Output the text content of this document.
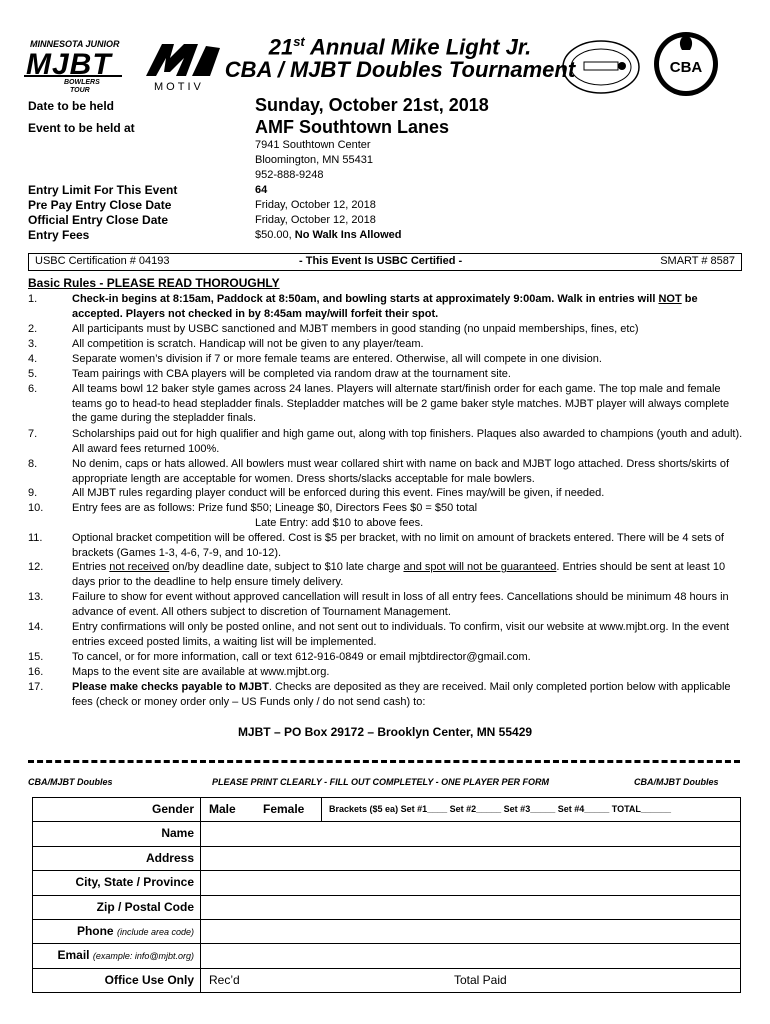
MINNESOTA JUNIOR
MJBT
BOWLERS
TOUR	MOTIV
21st Annual Mike Light Jr.
CBA / MJBT Doubles Tournament	CBA
Date to be held	Sunday, October 21st, 2018
Event to be held at	AMF Southtown Lanes
7941 Southtown Center
Bloomington, MN 55431
952-888-9248
Entry Limit For This Event	64
Pre Pay Entry Close Date	Friday, October 12, 2018
Official Entry Close Date	Friday, October 12, 2018
Entry Fees	$50.00, No Walk Ins Allowed
USBC Certification # 04193	- This Event Is USBC Certified -	SMART # 8587
Basic Rules - PLEASE READ THOROUGHLY
1.	Check-in begins at 8:15am, Paddock at 8:50am, and bowling starts at approximately 9:00am. Walk in entries will NOT be accepted. Players not checked in by 8:45am may/will forfeit their spot.
2.	All participants must by USBC sanctioned and MJBT members in good standing (no unpaid memberships, fines, etc)
3.	All competition is scratch. Handicap will not be given to any player/team.
4.	Separate women’s division if 7 or more female teams are entered. Otherwise, all will compete in one division.
5.	Team pairings with CBA players will be completed via random draw at the tournament site.
6.	All teams bowl 12 baker style games across 24 lanes. Players will alternate start/finish order for each game. The top male and female teams go to head-to head stepladder finals. Stepladder matches will be 2 game baker style matches. MJBT player will always complete the game during the stepladder finals.
7.	Scholarships paid out for high qualifier and high game out, along with top finishers. Plaques also awarded to champions (youth and adult). All award fees returned 100%.
8.	No denim, caps or hats allowed. All bowlers must wear collared shirt with name on back and MJBT logo attached. Dress shorts/skirts of appropriate length are acceptable for women. Dress shorts/slacks acceptable for male bowlers.
9.	All MJBT rules regarding player conduct will be enforced during this event. Fines may/will be given, if needed.
10.	Entry fees are as follows: Prize fund $50; Lineage $0, Directors Fees $0 = $50 total
Late Entry: add $10 to above fees.
11.	Optional bracket competition will be offered. Cost is $5 per bracket, with no limit on amount of brackets entered. There will be 4 sets of brackets (Games 1-3, 4-6, 7-9, and 10-12).
12.	Entries not received on/by deadline date, subject to $10 late charge and spot will not be guaranteed. Entries should be sent at least 10 days prior to the deadline to help ensure timely delivery.
13.	Failure to show for event without approved cancellation will result in loss of all entry fees. Cancellations should be minimum 48 hours in advance of event. All others subject to discretion of Tournament Management.
14.	Entry confirmations will only be posted online, and not sent out to individuals. To confirm, visit our website at www.mjbt.org. In the event entries exceed posted limits, a waiting list will be implemented.
15.	To cancel, or for more information, call or text 612-916-0849 or email mjbtdirector@gmail.com.
16.	Maps to the event site are available at www.mjbt.org.
17.	Please make checks payable to MJBT. Checks are deposited as they are received. Mail only completed portion below with applicable fees (check or money order only – US Funds only / do not send cash) to:
MJBT – PO Box 29172 – Brooklyn Center, MN 55429
CBA/MJBT Doubles	PLEASE PRINT CLEARLY - FILL OUT COMPLETELY - ONE PLAYER PER FORM	CBA/MJBT Doubles
Gender	Male Female	Brackets ($5 ea) Set #1____ Set #2_____ Set #3_____ Set #4_____ TOTAL______
Name
Address
City, State / Province
Zip / Postal Code
Phone (include area code)
Email (example: info@mjbt.org)
Office Use Only	Rec’d	Total Paid
